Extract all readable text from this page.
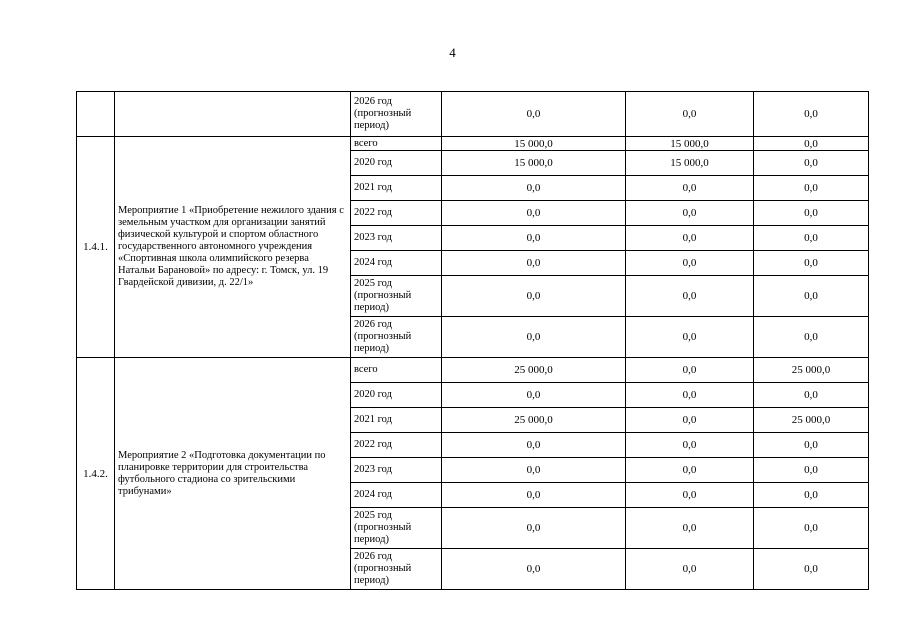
4
		2026 год (прогнозный период)	0,0	0,0	0,0
1.4.1.	Мероприятие 1 «Приобретение нежилого здания с земельным участком для организации занятий физической культурой и спортом областного государственного автономного учреждения «Спортивная школа олимпийского резерва Натальи Барановой» по адресу: г. Томск, ул. 19 Гвардейской дивизии, д. 22/1»	всего	15 000,0	15 000,0	0,0
		2020 год	15 000,0	15 000,0	0,0
		2021 год	0,0	0,0	0,0
		2022 год	0,0	0,0	0,0
		2023 год	0,0	0,0	0,0
		2024 год	0,0	0,0	0,0
		2025 год (прогнозный период)	0,0	0,0	0,0
		2026 год (прогнозный период)	0,0	0,0	0,0
1.4.2.	Мероприятие 2 «Подготовка документации по планировке территории для строительства футбольного стадиона со зрительскими трибунами»	всего	25 000,0	0,0	25 000,0
		2020 год	0,0	0,0	0,0
		2021 год	25 000,0	0,0	25 000,0
		2022 год	0,0	0,0	0,0
		2023 год	0,0	0,0	0,0
		2024 год	0,0	0,0	0,0
		2025 год (прогнозный период)	0,0	0,0	0,0
		2026 год (прогнозный период)	0,0	0,0	0,0
